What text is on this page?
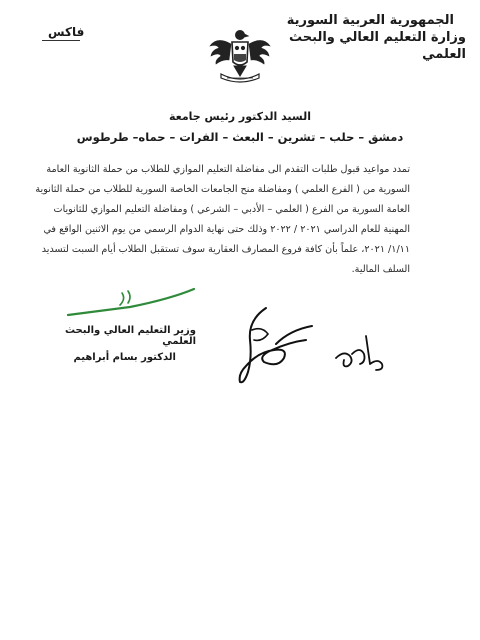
الجمهورية العربية السورية
وزارة التعليم العالي والبحث العلمي
فاكس
السيد الدكتور رئيس جامعة
دمشق – حلب – تشرين – البعث – الفرات – حماه– طرطوس
تمدد مواعيد قبول طلبات التقدم الى مفاضلة التعليم الموازي للطلاب من حملة الثانوية العامة
السورية من ( الفرع العلمي ) ومفاضلة منح الجامعات الخاصة السورية للطلاب من حملة الثانوية
العامة السورية من الفرع ( العلمي – الأدبي – الشرعي ) ومفاضلة التعليم الموازي للثانويات
المهنية للعام الدراسي ٢٠٢١ / ٢٠٢٢ وذلك حتى نهاية الدوام الرسمي من يوم الاثنين الواقع في
١/١١/ ٢٠٢١، علماً بأن كافة فروع المصارف العقارية سوف تستقبل الطلاب أيام السبت لتسديد
السلف المالية.
وزير التعليم العالي والبحث العلمي
الدكتور بسام أبراهيم
